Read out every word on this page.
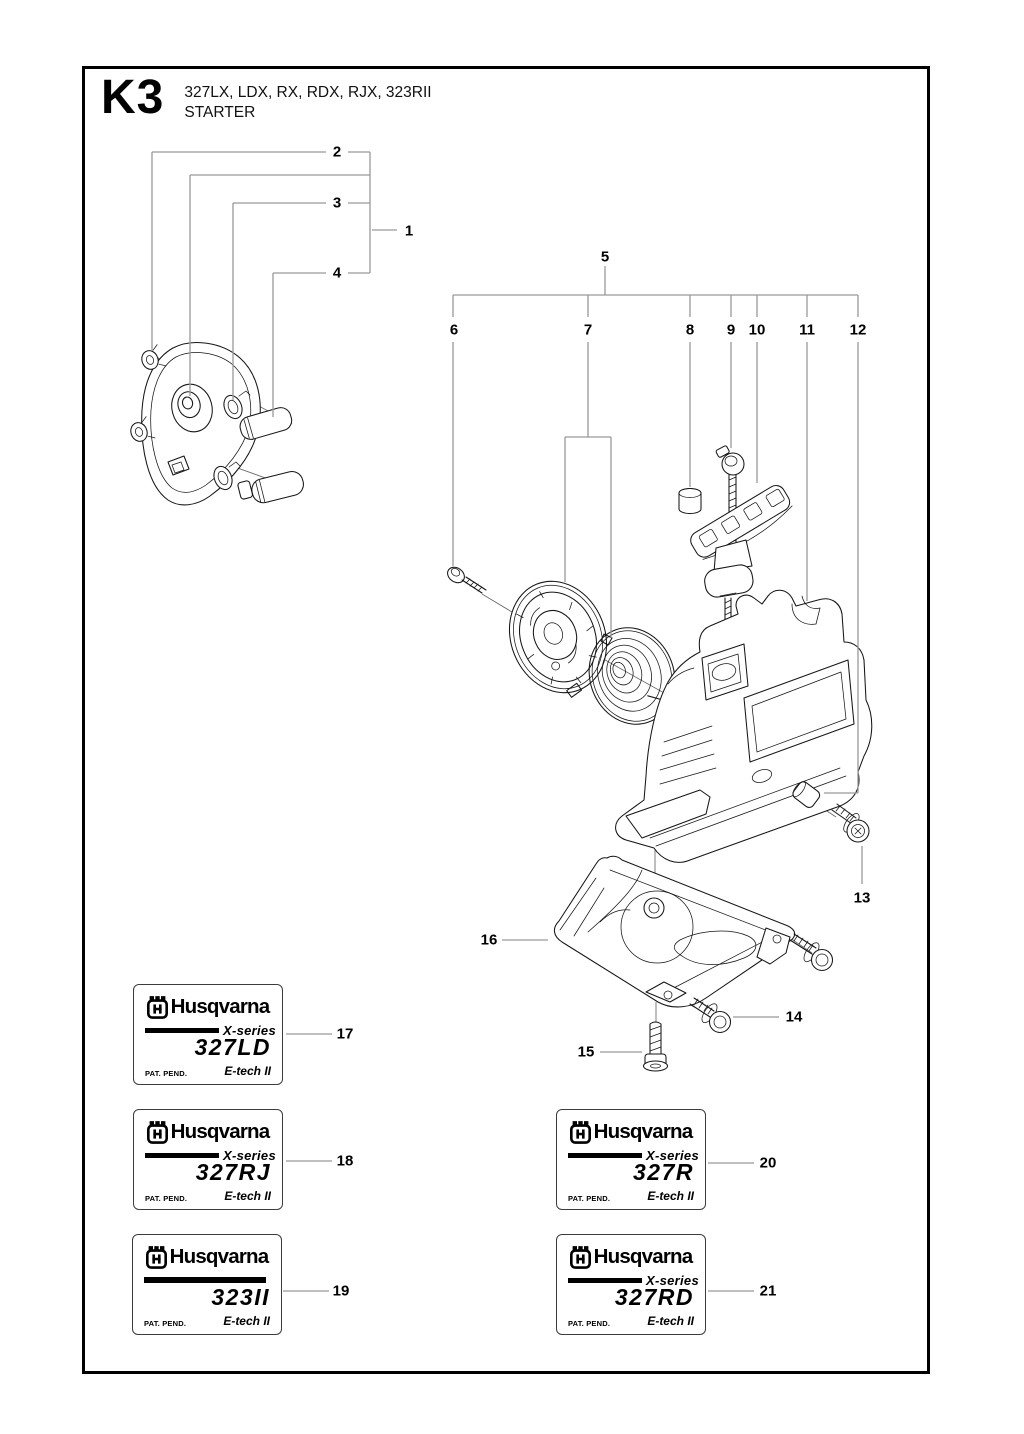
K3 327LX, LDX, RX, RDX, RJX, 323RII
STARTER
1
2
3
4
5
6	7	8 9 10 11 12
13
14
15
16
17
18
19
20
21
Husqvarna
X-series
327LD
PAT. PEND.	E-tech II
Husqvarna
X-series
327RJ
PAT. PEND.	E-tech II
Husqvarna
323II
PAT. PEND.	E-tech II
Husqvarna
X-series
327R
PAT. PEND.	E-tech II
Husqvarna
X-series
327RD
PAT. PEND.	E-tech II
